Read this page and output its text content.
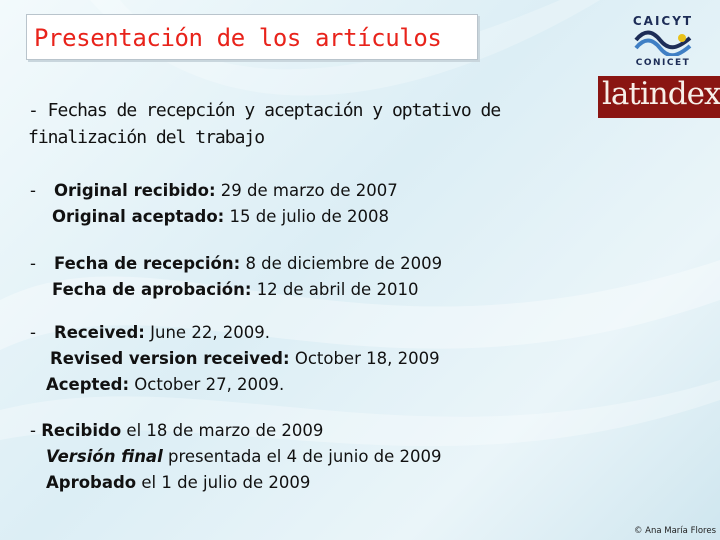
Presentación de los artículos
CAICYT
CONICET
latindex
- Fechas de recepción y aceptación y optativo de
finalización del trabajo
- Original recibido: 29 de marzo de 2007
Original aceptado: 15 de julio de 2008
- Fecha de recepción: 8 de diciembre de 2009
Fecha de aprobación: 12 de abril de 2010
- Received: June 22, 2009.
Revised version received: October 18, 2009
Acepted: October 27, 2009.
- Recibido el 18 de marzo de 2009
Versión final presentada el 4 de junio de 2009
Aprobado el 1 de julio de 2009
© Ana María Flores
